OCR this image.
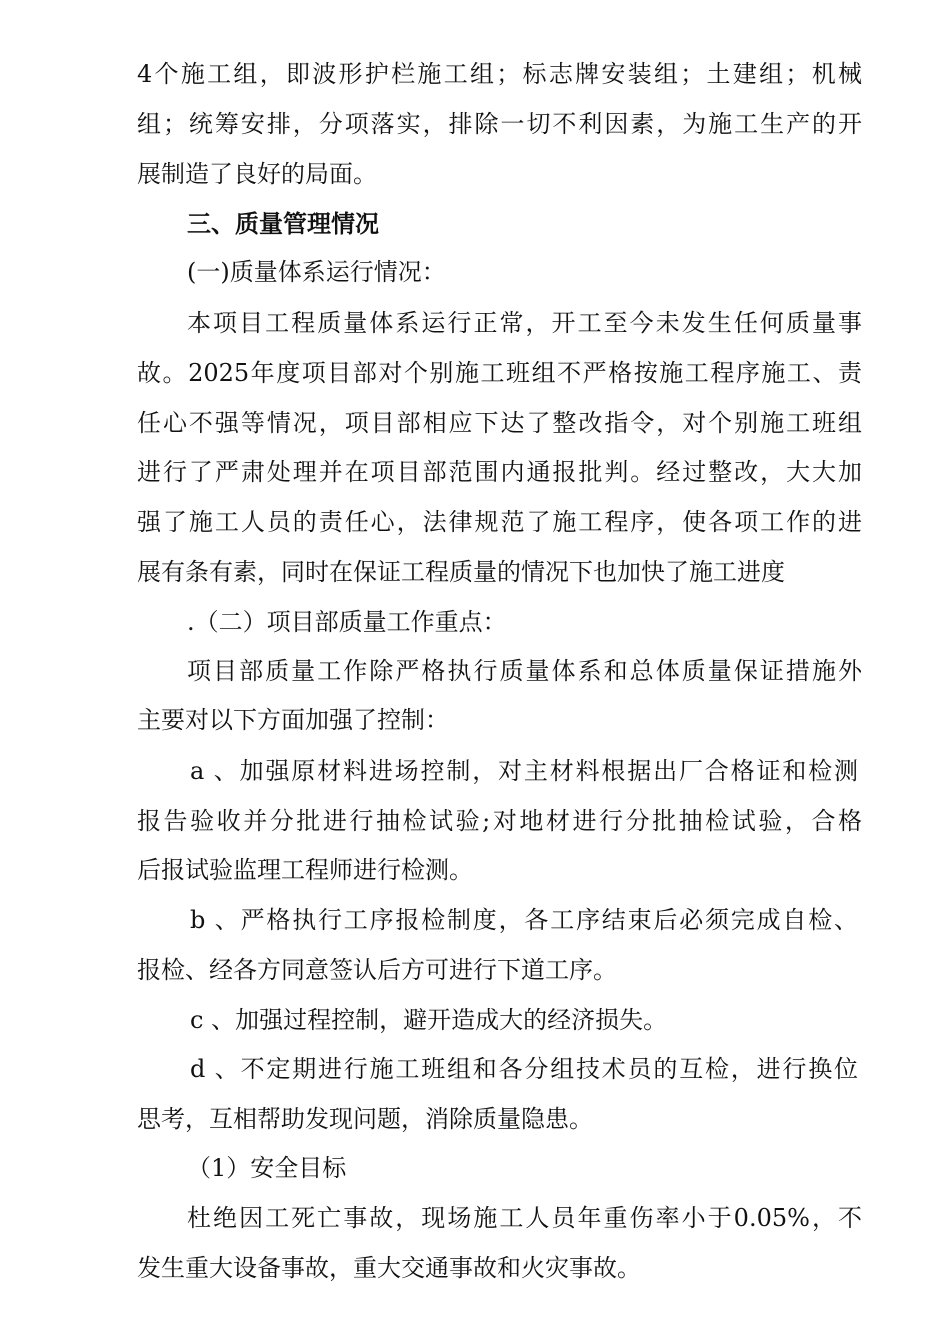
4个施工组，即波形护栏施工组；标志牌安装组；土建组；机械
组；统筹安排，分项落实，排除一切不利因素，为施工生产的开
展制造了良好的局面。
三、质量管理情况
(一)质量体系运行情况：
本项目工程质量体系运行正常，开工至今未发生任何质量事
故。2025年度项目部对个别施工班组不严格按施工程序施工、责
任心不强等情况，项目部相应下达了整改指令，对个别施工班组
进行了严肃处理并在项目部范围内通报批判。经过整改，大大加
强了施工人员的责任心，法律规范了施工程序，使各项工作的进
展有条有素，同时在保证工程质量的情况下也加快了施工进度
.（二）项目部质量工作重点：
项目部质量工作除严格执行质量体系和总体质量保证措施外
主要对以下方面加强了控制：
a 、加强原材料进场控制，对主材料根据出厂合格证和检测
报告验收并分批进行抽检试验;对地材进行分批抽检试验，合格
后报试验监理工程师进行检测。
b 、严格执行工序报检制度，各工序结束后必须完成自检、
报检、经各方同意签认后方可进行下道工序。
c 、加强过程控制，避开造成大的经济损失。
d 、不定期进行施工班组和各分组技术员的互检，进行换位
思考，互相帮助发现问题，消除质量隐患。
（1）安全目标
杜绝因工死亡事故，现场施工人员年重伤率小于0.05%，不
发生重大设备事故，重大交通事故和火灾事故。
